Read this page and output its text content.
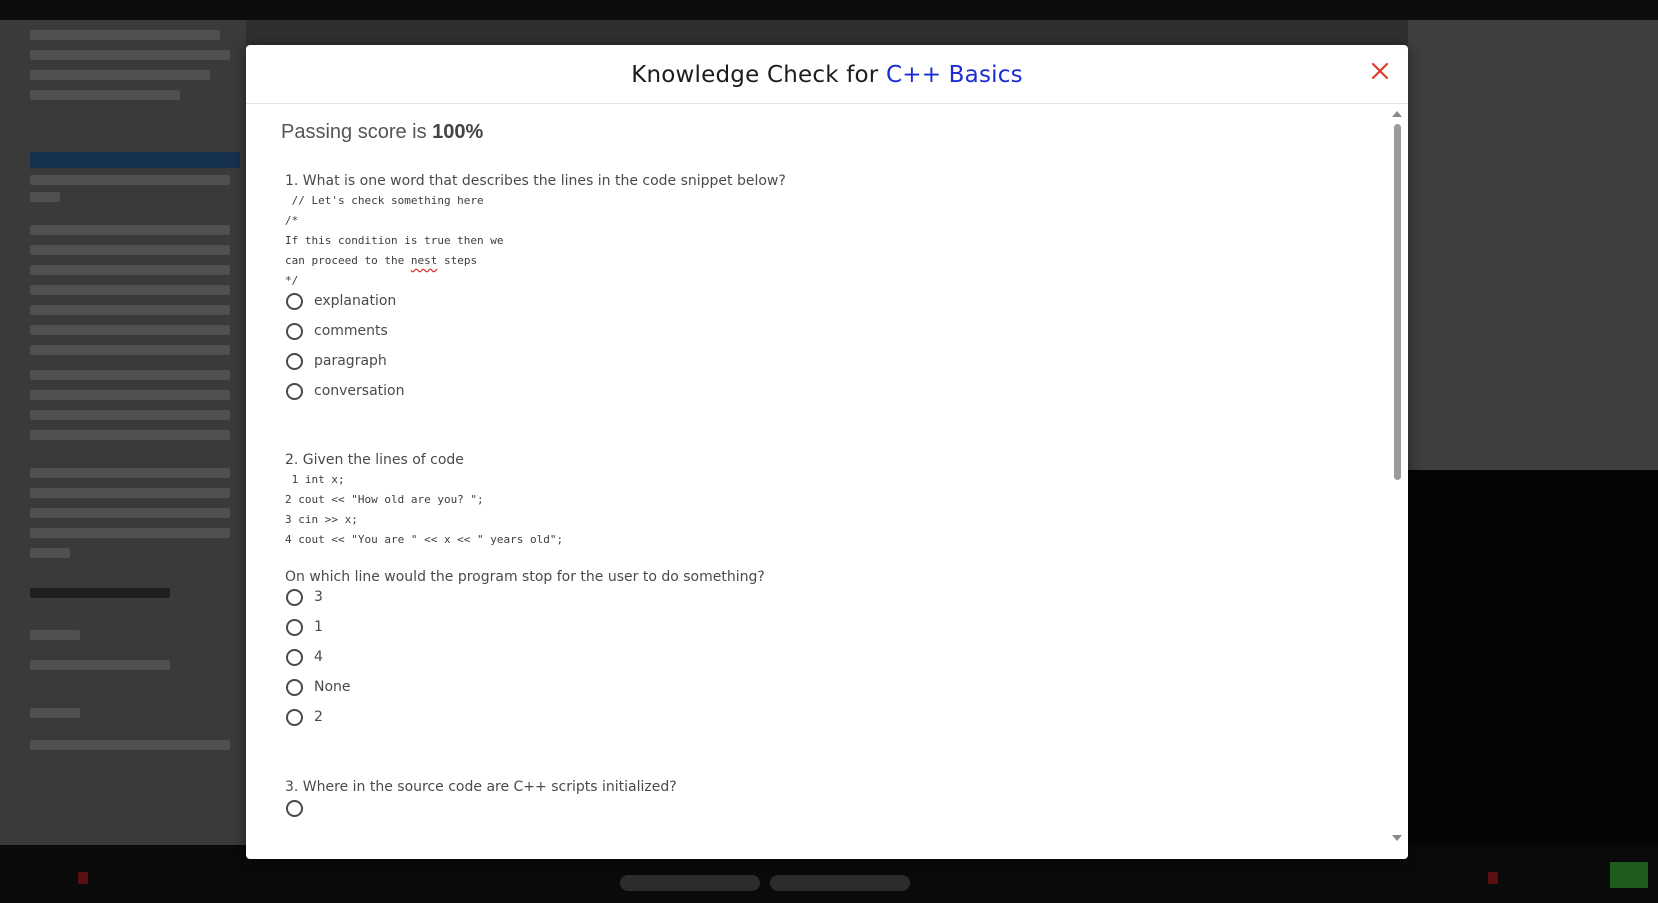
Knowledge Check for C++ Basics
Passing score is 100%
1. What is one word that describes the lines in the code snippet below?
// Let's check something here
/*
If this condition is true then we
can proceed to the nest steps
*/
explanation
comments
paragraph
conversation
2. Given the lines of code
1 int x;
2 cout << "How old are you? ";
3 cin >> x;
4 cout << "You are " << x << " years old";
On which line would the program stop for the user to do something?
3
1
4
None
2
3. Where in the source code are C++ scripts initialized?
